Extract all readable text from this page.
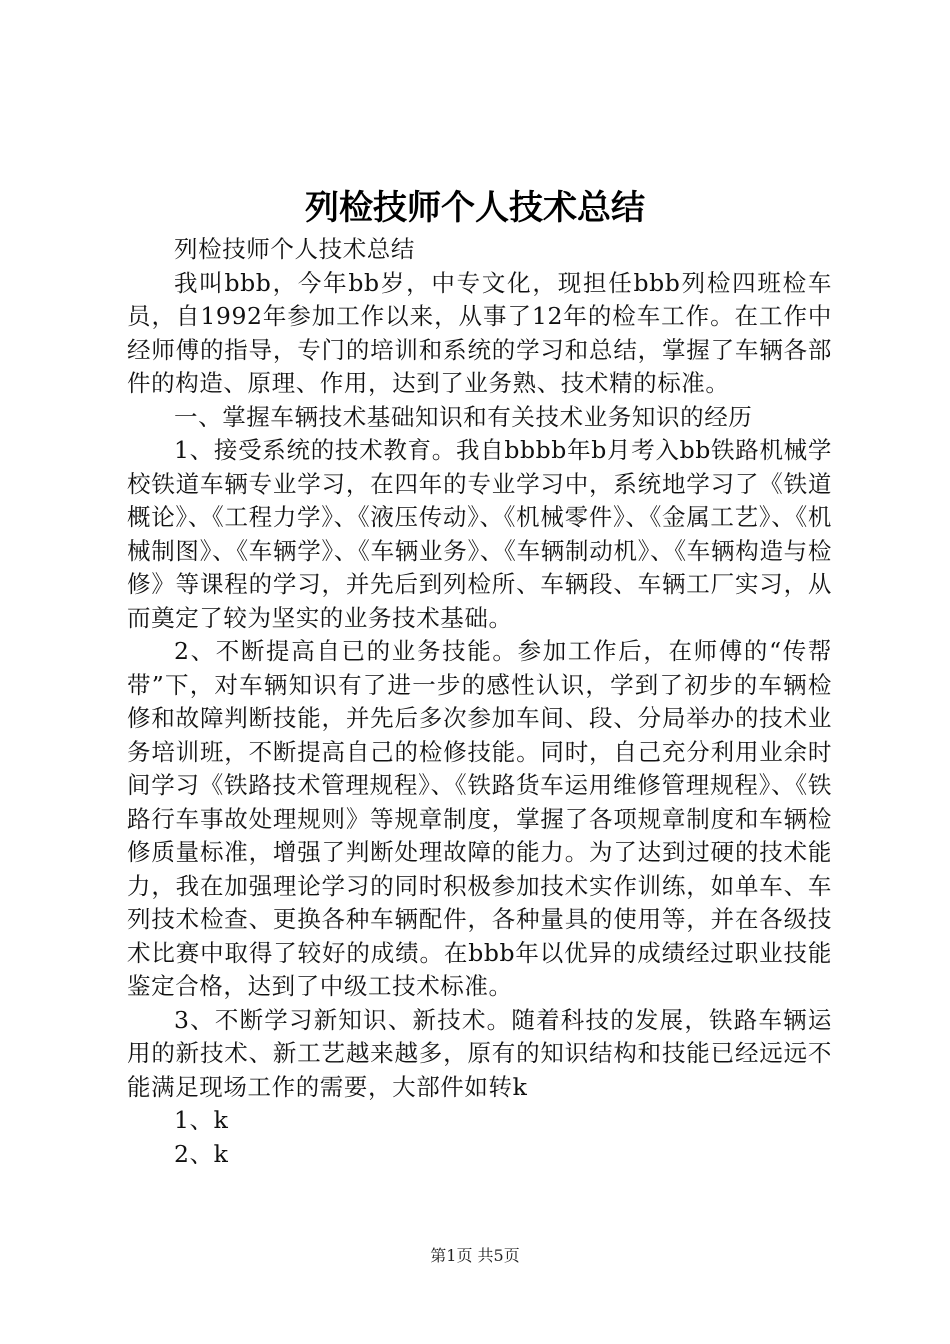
列检技师个人技术总结

列检技师个人技术总结

我叫bbb，今年bb岁，中专文化，现担任bbb列检四班检车员，自1992年参加工作以来，从事了12年的检车工作。在工作中经师傅的指导，专门的培训和系统的学习和总结，掌握了车辆各部件的构造、原理、作用，达到了业务熟、技术精的标准。

一、掌握车辆技术基础知识和有关技术业务知识的经历

1、接受系统的技术教育。我自bbbb年b月考入bb铁路机械学校铁道车辆专业学习，在四年的专业学习中，系统地学习了《铁道概论》、《工程力学》、《液压传动》、《机械零件》、《金属工艺》、《机械制图》、《车辆学》、《车辆业务》、《车辆制动机》、《车辆构造与检修》等课程的学习，并先后到列检所、车辆段、车辆工厂实习，从而奠定了较为坚实的业务技术基础。

2、不断提高自已的业务技能。参加工作后，在师傅的“传帮带”下，对车辆知识有了进一步的感性认识，学到了初步的车辆检修和故障判断技能，并先后多次参加车间、段、分局举办的技术业务培训班，不断提高自己的检修技能。同时，自己充分利用业余时间学习《铁路技术管理规程》、《铁路货车运用维修管理规程》、《铁路行车事故处理规则》等规章制度，掌握了各项规章制度和车辆检修质量标准，增强了判断处理故障的能力。为了达到过硬的技术能力，我在加强理论学习的同时积极参加技术实作训练，如单车、车列技术检查、更换各种车辆配件，各种量具的使用等，并在各级技术比赛中取得了较好的成绩。在bbb年以优异的成绩经过职业技能鉴定合格，达到了中级工技术标准。

3、不断学习新知识、新技术。随着科技的发展，铁路车辆运用的新技术、新工艺越来越多，原有的知识结构和技能已经远远不能满足现场工作的需要，大部件如转k

1、k

2、k

第1页 共5页
